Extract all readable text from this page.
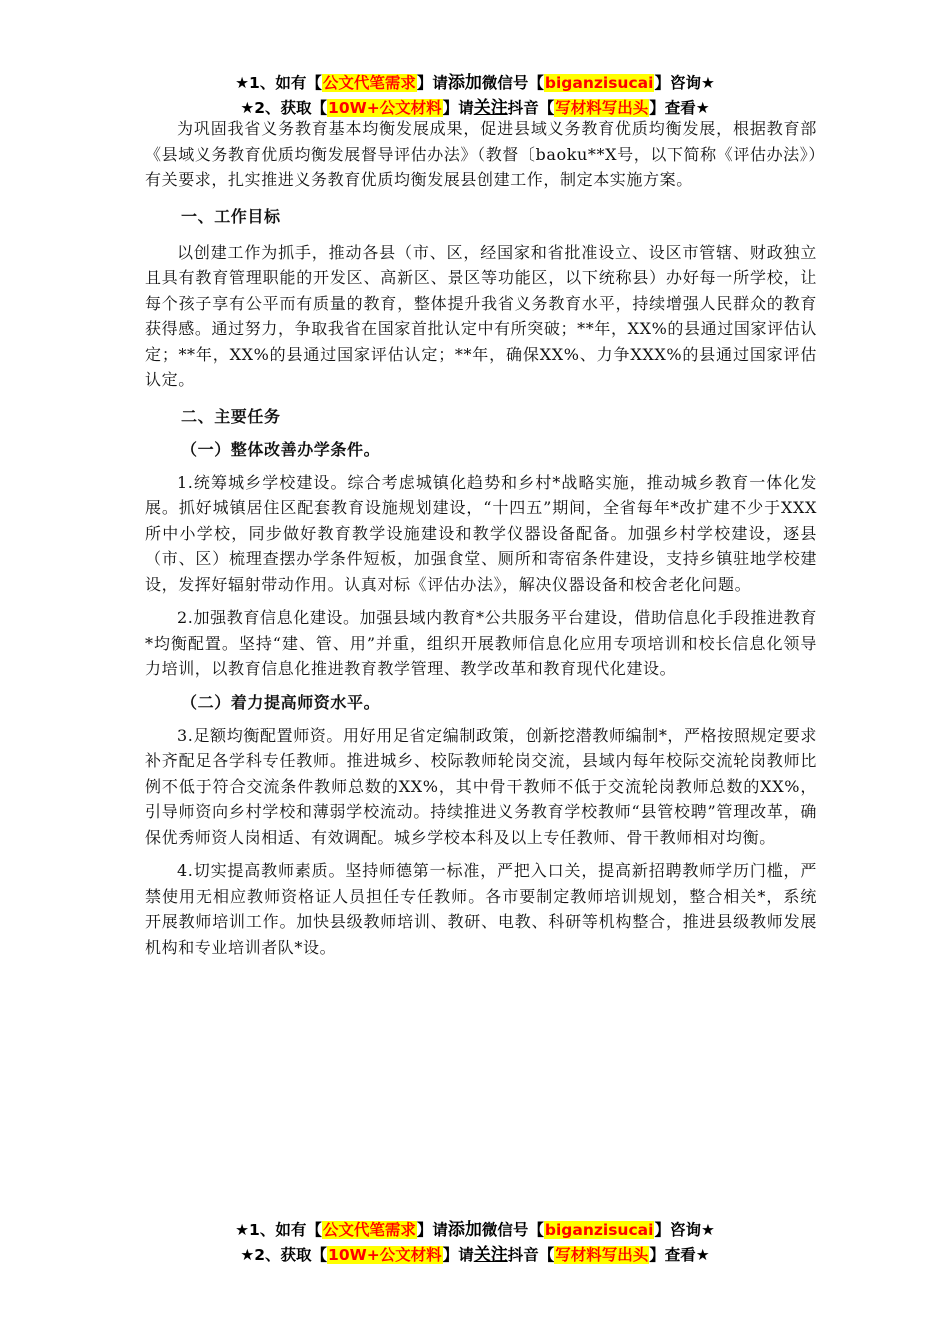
★1、如有【公文代笔需求】请添加微信号【biganzisucai】咨询★
★2、获取【10W+公文材料】请关注抖音【写材料写出头】查看★

为巩固我省义务教育基本均衡发展成果，促进县域义务教育优质均衡发展，根据教育部《县域义务教育优质均衡发展督导评估办法》（教督〔baoku**X号，以下简称《评估办法》）有关要求，扎实推进义务教育优质均衡发展县创建工作，制定本实施方案。

一、工作目标

以创建工作为抓手，推动各县（市、区，经国家和省批准设立、设区市管辖、财政独立且具有教育管理职能的开发区、高新区、景区等功能区，以下统称县）办好每一所学校，让每个孩子享有公平而有质量的教育，整体提升我省义务教育水平，持续增强人民群众的教育获得感。通过努力，争取我省在国家首批认定中有所突破；**年，XX%的县通过国家评估认定；**年，XX%的县通过国家评估认定；**年，确保XX%、力争XXX%的县通过国家评估认定。

二、主要任务
（一）整体改善办学条件。

1.统筹城乡学校建设。综合考虑城镇化趋势和乡村*战略实施，推动城乡教育一体化发展。抓好城镇居住区配套教育设施规划建设，“十四五”期间，全省每年*改扩建不少于XXX所中小学校，同步做好教育教学设施建设和教学仪器设备配备。加强乡村学校建设，逐县（市、区）梳理查摆办学条件短板，加强食堂、厕所和寄宿条件建设，支持乡镇驻地学校建设，发挥好辐射带动作用。认真对标《评估办法》，解决仪器设备和校舍老化问题。

2.加强教育信息化建设。加强县域内教育*公共服务平台建设，借助信息化手段推进教育*均衡配置。坚持“建、管、用”并重，组织开展教师信息化应用专项培训和校长信息化领导力培训，以教育信息化推进教育教学管理、教学改革和教育现代化建设。

（二）着力提高师资水平。

3.足额均衡配置师资。用好用足省定编制政策，创新挖潜教师编制*，严格按照规定要求补齐配足各学科专任教师。推进城乡、校际教师轮岗交流，县域内每年校际交流轮岗教师比例不低于符合交流条件教师总数的XX%，其中骨干教师不低于交流轮岗教师总数的XX%，引导师资向乡村学校和薄弱学校流动。持续推进义务教育学校教师“县管校聘”管理改革，确保优秀师资人岗相适、有效调配。城乡学校本科及以上专任教师、骨干教师相对均衡。

4.切实提高教师素质。坚持师德第一标准，严把入口关，提高新招聘教师学历门槛，严禁使用无相应教师资格证人员担任专任教师。各市要制定教师培训规划，整合相关*，系统开展教师培训工作。加快县级教师培训、教研、电教、科研等机构整合，推进县级教师发展机构和专业培训者队*设。

★1、如有【公文代笔需求】请添加微信号【biganzisucai】咨询★
★2、获取【10W+公文材料】请关注抖音【写材料写出头】查看★
